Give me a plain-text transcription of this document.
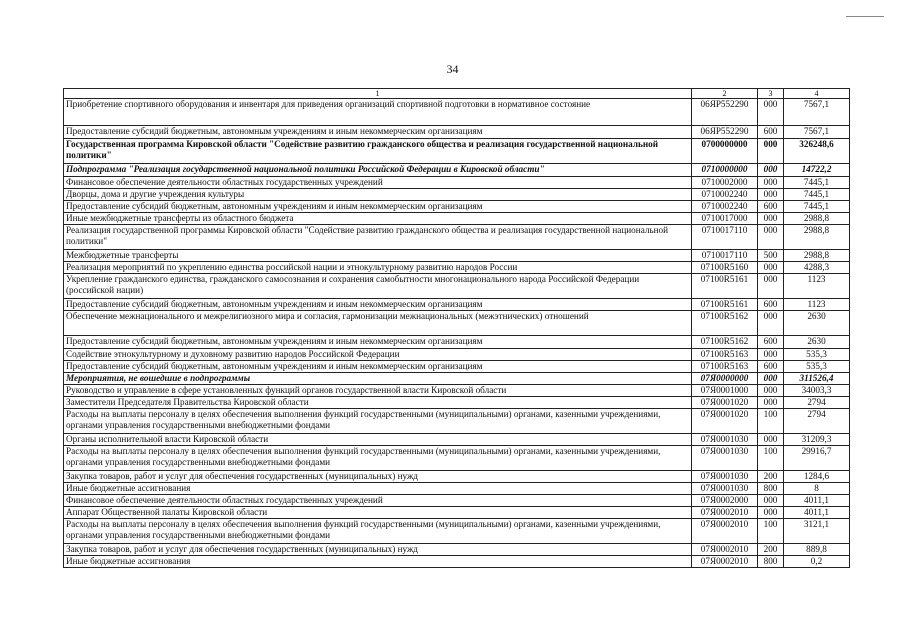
34
1	2	3	4
Приобретение спортивного оборудования и инвентаря для приведения организаций спортивной подготовки в нормативное состояние	06ЯР552290	000	7567,1
Предоставление субсидий бюджетным, автономным учреждениям и иным некоммерческим организациям	06ЯР552290	600	7567,1
Государственная программа Кировской области "Содействие развитию гражданского общества и реализация государственной национальной политики"	0700000000	000	326248,6
Подпрограмма "Реализация государственной национальной политики Российской Федерации в Кировской области"	0710000000	000	14722,2
Финансовое обеспечение деятельности областных государственных учреждений	0710002000	000	7445,1
Дворцы, дома и другие учреждения культуры	0710002240	000	7445,1
Предоставление субсидий бюджетным, автономным учреждениям и иным некоммерческим организациям	0710002240	600	7445,1
Иные межбюджетные трансферты из областного бюджета	0710017000	000	2988,8
Реализация государственной программы Кировской области "Содействие развитию гражданского общества и реализация государственной национальной политики"	0710017110	000	2988,8
Межбюджетные трансферты	0710017110	500	2988,8
Реализация мероприятий по укреплению единства российской нации и этнокультурному развитию народов России	07100R5160	000	4288,3
Укрепление гражданского единства, гражданского самосознания и сохранения самобытности многонационального народа Российской Федерации (российской нации)	07100R5161	000	1123
Предоставление субсидий бюджетным, автономным учреждениям и иным некоммерческим организациям	07100R5161	600	1123
Обеспечение межнационального и межрелигиозного мира и согласия, гармонизации межнациональных (межэтнических) отношений	07100R5162	000	2630
Предоставление субсидий бюджетным, автономным учреждениям и иным некоммерческим организациям	07100R5162	600	2630
Содействие этнокультурному и духовному развитию народов Российской Федерации	07100R5163	000	535,3
Предоставление субсидий бюджетным, автономным учреждениям и иным некоммерческим организациям	07100R5163	600	535,3
Мероприятия, не вошедшие в подпрограммы	07Я0000000	000	311526,4
Руководство и управление в сфере установленных функций органов государственной власти Кировской области	07Я0001000	000	34003,3
Заместители Председателя Правительства Кировской области	07Я0001020	000	2794
Расходы на выплаты персоналу в целях обеспечения выполнения функций государственными (муниципальными) органами, казенными учреждениями, органами управления государственными внебюджетными фондами	07Я0001020	100	2794
Органы исполнительной власти Кировской области	07Я0001030	000	31209,3
Расходы на выплаты персоналу в целях обеспечения выполнения функций государственными (муниципальными) органами, казенными учреждениями, органами управления государственными внебюджетными фондами	07Я0001030	100	29916,7
Закупка товаров, работ и услуг для обеспечения государственных (муниципальных) нужд	07Я0001030	200	1284,6
Иные бюджетные ассигнования	07Я0001030	800	8
Финансовое обеспечение деятельности областных государственных учреждений	07Я0002000	000	4011,1
Аппарат Общественной палаты Кировской области	07Я0002010	000	4011,1
Расходы на выплаты персоналу в целях обеспечения выполнения функций государственными (муниципальными) органами, казенными учреждениями, органами управления государственными внебюджетными фондами	07Я0002010	100	3121,1
Закупка товаров, работ и услуг для обеспечения государственных (муниципальных) нужд	07Я0002010	200	889,8
Иные бюджетные ассигнования	07Я0002010	800	0,2
